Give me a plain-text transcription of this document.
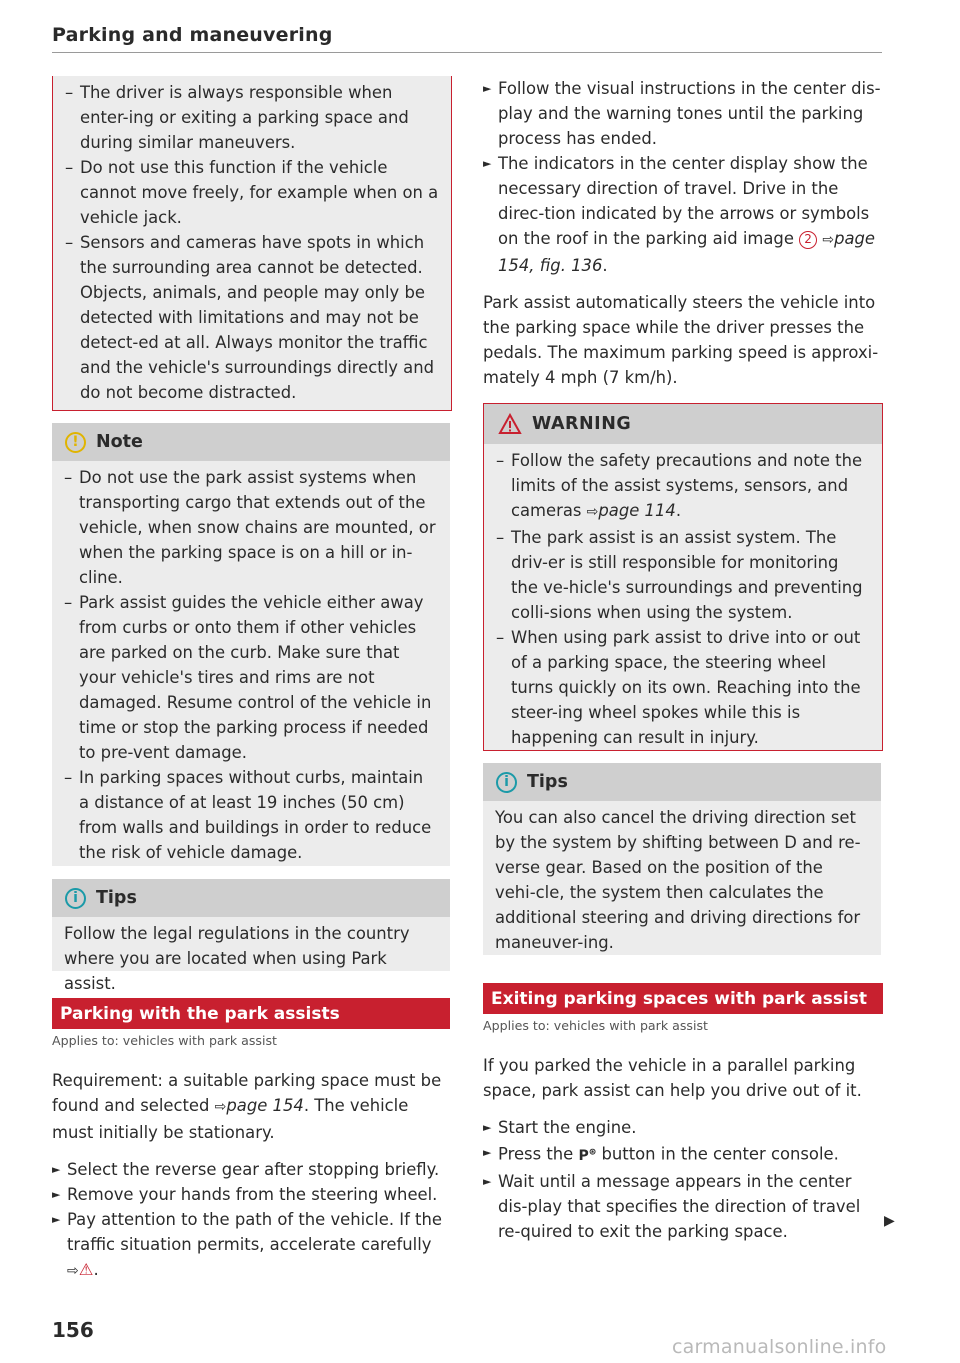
Parking and maneuvering
– The driver is always responsible when enter-ing or exiting a parking space and during similar maneuvers.
– Do not use this function if the vehicle cannot move freely, for example when on a vehicle jack.
– Sensors and cameras have spots in which the surrounding area cannot be detected. Objects, animals, and people may only be detected with limitations and may not be detect-ed at all. Always monitor the traffic and the vehicle's surroundings directly and do not become distracted.
! Note
– Do not use the park assist systems when transporting cargo that extends out of the vehicle, when snow chains are mounted, or when the parking space is on a hill or in-cline.
– Park assist guides the vehicle either away from curbs or onto them if other vehicles are parked on the curb. Make sure that your vehicle's tires and rims are not damaged. Resume control of the vehicle in time or stop the parking process if needed to pre-vent damage.
– In parking spaces without curbs, maintain a distance of at least 19 inches (50 cm) from walls and buildings in order to reduce the risk of vehicle damage.
i	Tips
Follow the legal regulations in the country where you are located when using Park assist.
Parking with the park assists
Applies to: vehicles with park assist
Requirement: a suitable parking space must be found and selected ⇨page 154. The vehicle must initially be stationary.
► Select the reverse gear after stopping briefly.
► Remove your hands from the steering wheel.
► Pay attention to the path of the vehicle. If the traffic situation permits, accelerate carefully
⇨⚠.
► Follow the visual instructions in the center dis-play and the warning tones until the parking process has ended.
► The indicators in the center display show the necessary direction of travel. Drive in the direc-tion indicated by the arrows or symbols on the roof in the parking aid image 2 ⇨page 154, fig. 136.
Park assist automatically steers the vehicle into the parking space while the driver presses the pedals. The maximum parking speed is approxi-mately 4 mph (7 km/h).
WARNING
– Follow the safety precautions and note the limits of the assist systems, sensors, and cameras ⇨page 114.
– The park assist is an assist system. The driv-er is still responsible for monitoring the ve-hicle's surroundings and preventing colli-sions when using the system.
– When using park assist to drive into or out of a parking space, the steering wheel turns quickly on its own. Reaching into the steer-ing wheel spokes while this is happening can result in injury.
i	Tips
You can also cancel the driving direction set by the system by shifting between D and re-verse gear. Based on the position of the vehi-cle, the system then calculates the additional steering and driving directions for maneuver-ing.
Exiting parking spaces with park assist
Applies to: vehicles with park assist
If you parked the vehicle in a parallel parking space, park assist can help you drive out of it.
► Start the engine.
► Press the P⊛ button in the center console.
► Wait until a message appears in the center dis-play that specifies the direction of travel re-quired to exit the parking space.
▶
156
carmanualsonline.info
